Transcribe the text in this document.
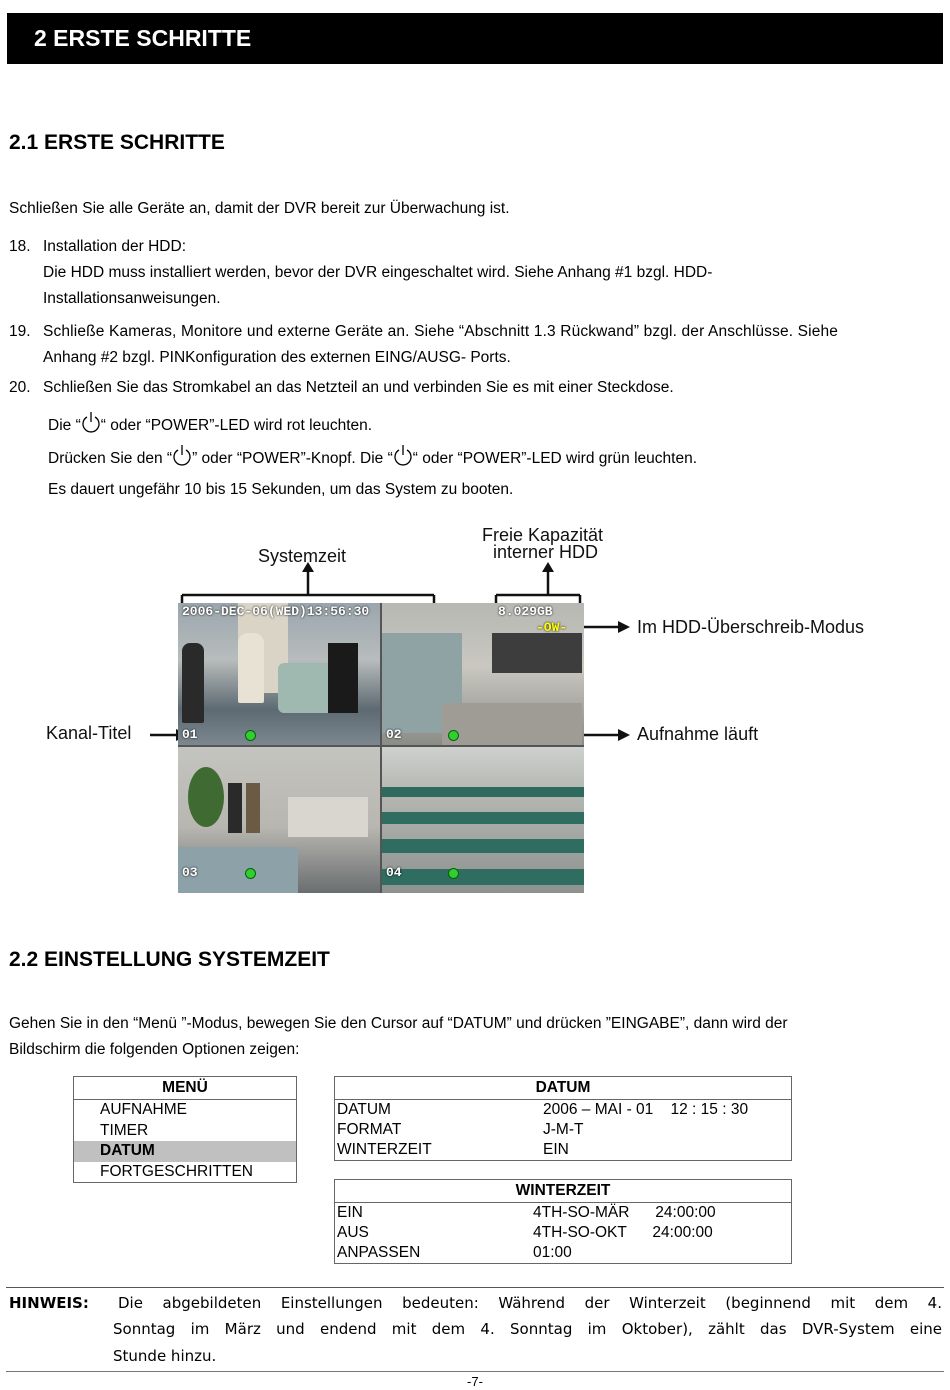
2 ERSTE SCHRITTE
2.1 ERSTE SCHRITTE
Schließen Sie alle Geräte an, damit der DVR bereit zur Überwachung ist.
18. Installation der HDD:
Die HDD muss installiert werden, bevor der DVR eingeschaltet wird. Siehe Anhang #1 bzgl. HDD-
Installationsanweisungen.
19. Schließe Kameras, Monitore und externe Geräte an. Siehe “Abschnitt 1.3 Rückwand” bzgl. der Anschlüsse. Siehe
Anhang #2 bzgl. PINKonfiguration des externen EING/AUSG- Ports.
20. Schließen Sie das Stromkabel an das Netzteil an und verbinden Sie es mit einer Steckdose.
Die “ “ oder “POWER”-LED wird rot leuchten.
Drücken Sie den “ ” oder “POWER”-Knopf. Die “ “ oder “POWER”-LED wird grün leuchten.
Es dauert ungefähr 10 bis 15 Sekunden, um das System zu booten.
Systemzeit
Freie Kapazität
interner HDD
Im HDD-Überschreib-Modus
Kanal-Titel	Aufnahme läuft
2006-DEC-06(WED)13:56:30	8.029GB
-OW-
01	02
03	04
2.2 EINSTELLUNG SYSTEMZEIT
Gehen Sie in den “Menü ”-Modus, bewegen Sie den Cursor auf “DATUM” und drücken ”EINGABE”, dann wird der
Bildschirm die folgenden Optionen zeigen:
MENÜ
AUFNAHME
TIMER
DATUM
FORTGESCHRITTEN
DATUM	
DATUM	2006 – MAI - 01    12 : 15 : 30
FORMAT	J-M-T
WINTERZEIT	EIN
WINTERZEIT	
EIN	4TH-SO-MÄR      24:00:00
AUS	4TH-SO-OKT      24:00:00
ANPASSEN	01:00
HINWEIS: Die abgebildeten Einstellungen bedeuten: Während der Winterzeit (beginnend mit dem 4.
Sonntag im März und endend mit dem 4. Sonntag im Oktober), zählt das DVR-System eine
Stunde hinzu.
-7-
